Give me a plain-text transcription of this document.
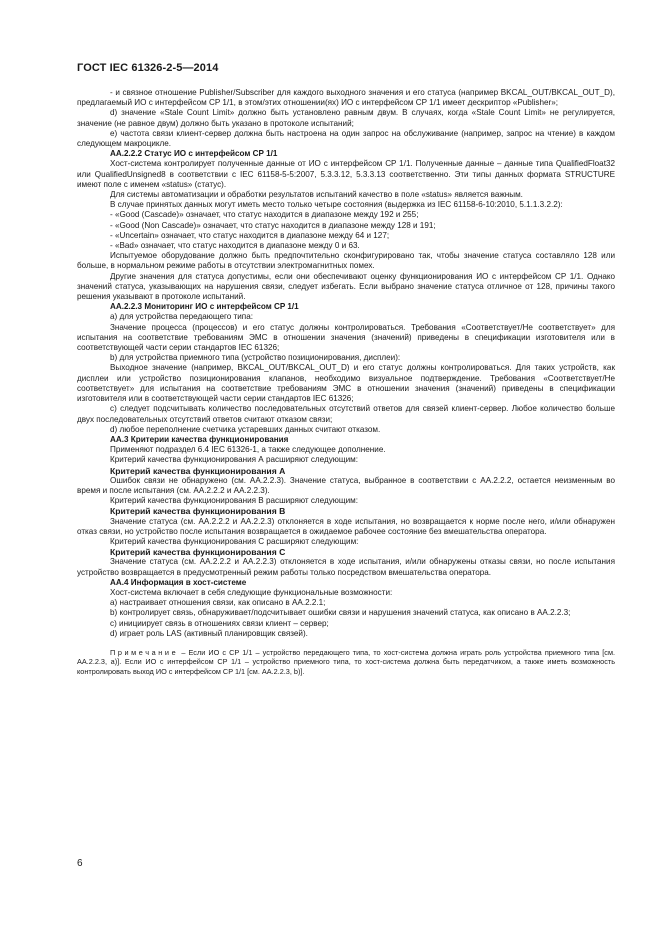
ГОСТ IEC 61326-2-5—2014

- и связное отношение Publisher/Subscriber для каждого выходного значения и его статуса (например BKCAL_OUT/BKCAL_OUT_D), предлагаемый ИО с интерфейсом CP 1/1, в этом/этих отношении(ях) ИО с интерфейсом CP 1/1 имеет дескриптор «Publisher»;

d) значение «Stale Count Limit» должно быть установлено равным двум. В случаях, когда «Stale Count Limit» не регулируется, значение (не равное двум) должно быть указано в протоколе испытаний;

e) частота связи клиент-сервер должна быть настроена на один запрос на обслуживание (например, запрос на чтение) в каждом следующем макроцикле.

AA.2.2.2 Статус ИО с интерфейсом CP 1/1

Хост-система контролирует полученные данные от ИО с интерфейсом CP 1/1. Полученные данные – данные типа QualifiedFloat32 или QualifiedUnsigned8 в соответствии с IEC 61158-5-5:2007, 5.3.3.12, 5.3.3.13 соответственно. Эти типы данных формата STRUCTURE имеют поле с именем «status» (статус).

Для системы автоматизации и обработки результатов испытаний качество в поле «status» является важным.

В случае принятых данных могут иметь место только четыре состояния (выдержка из IEC 61158-6-10:2010, 5.1.1.3.2.2):

- «Good (Cascade)» означает, что статус находится в диапазоне между 192 и 255;

- «Good (Non Cascade)» означает, что статус находится в диапазоне между 128 и 191;

- «Uncertain» означает, что статус находится в диапазоне между 64 и 127;

- «Bad» означает, что статус находится в диапазоне между 0 и 63.

Испытуемое оборудование должно быть предпочтительно сконфигурировано так, чтобы значение статуса составляло 128 или больше, в нормальном режиме работы в отсутствии электромагнитных помех.

Другие значения для статуса допустимы, если они обеспечивают оценку функционирования ИО с интерфейсом CP 1/1. Однако значений статуса, указывающих на нарушения связи, следует избегать. Если выбрано значение статуса отличное от 128, причины такого решения указывают в протоколе испытаний.

AA.2.2.3 Мониторинг ИО с интерфейсом CP 1/1

а) для устройства передающего типа:

Значение процесса (процессов) и его статус должны контролироваться. Требования «Соответствует/Не соответствует» для испытания на соответствие требованиям ЭМС в отношении значения (значений) приведены в спецификации изготовителя или в соответствующей части серии стандартов IEC 61326;

b) для устройства приемного типа (устройство позиционирования, дисплеи):

Выходное значение (например, BKCAL_OUT/BKCAL_OUT_D) и его статус должны контролироваться. Для таких устройств, как дисплеи или устройство позиционирования клапанов, необходимо визуальное подтверждение. Требования «Соответствует/Не соответствует» для испытания на соответствие требованиям ЭМС в отношении значения (значений) приведены в спецификации изготовителя или в соответствующей части серии стандартов IEC 61326;

с) следует подсчитывать количество последовательных отсутствий ответов для связей клиент-сервер. Любое количество больше двух последовательных отсутствий ответов считают отказом связи;

d) любое переполнение счетчика устаревших данных считают отказом.

AA.3 Критерии качества функционирования

Применяют подраздел 6.4 IEC 61326-1, а также следующее дополнение.

Критерий качества функционирования А расширяют следующим:

Критерий качества функционирования А

Ошибок связи не обнаружено (см. AA.2.2.3). Значение статуса, выбранное в соответствии с AA.2.2.2, остается неизменным во время и после испытания (см. AA.2.2.2 и AA.2.2.3).

Критерий качества функционирования В расширяют следующим:

Критерий качества функционирования В

Значение статуса (см. AA.2.2.2 и AA.2.2.3) отклоняется в ходе испытания, но возвращается к норме после него, и/или обнаружен отказ связи, но устройство после испытания возвращается в ожидаемое рабочее состояние без вмешательства оператора.

Критерий качества функционирования С расширяют следующим:

Критерий качества функционирования С

Значение статуса (см. AA.2.2.2 и AA.2.2.3) отклоняется в ходе испытания, и/или обнаружены отказы связи, но после испытания устройство возвращается в предусмотренный режим работы только посредством вмешательства оператора.

AA.4 Информация в хост-системе

Хост-система включает в себя следующие функциональные возможности:

а) настраивает отношения связи, как описано в AA.2.2.1;

b) контролирует связь, обнаруживает/подсчитывает ошибки связи и нарушения значений статуса, как описано в AA.2.2.3;

с) инициирует связь в отношениях связи клиент – сервер;

d) играет роль LAS (активный планировщик связей).

Примечание – Если ИО с CP 1/1 – устройство передающего типа, то хост-система должна играть роль устройства приемного типа [см. AA.2.2.3, а)]. Если ИО с интерфейсом CP 1/1 – устройство приемного типа, то хост-система должна быть передатчиком, а также иметь возможность контролировать выход ИО с интерфейсом CP 1/1 [см. AA.2.2.3, b)].

6
